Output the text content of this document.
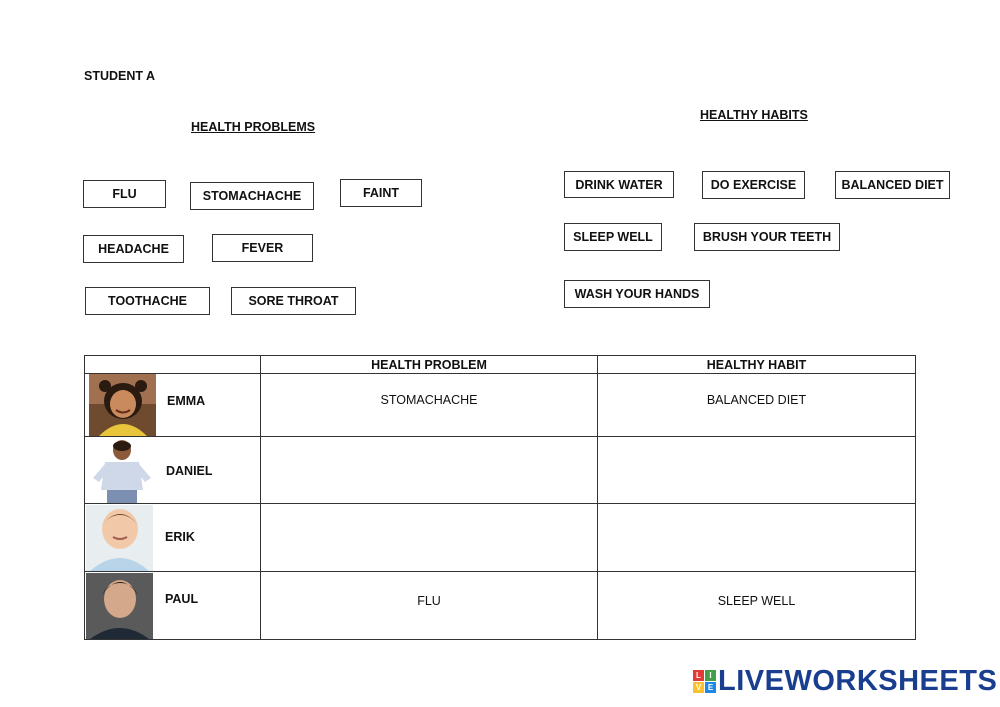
STUDENT A
HEALTH PROBLEMS
HEALTHY HABITS
FLU	STOMACHACHE	FAINT
HEADACHE	FEVER
TOOTHACHE	SORE THROAT
DRINK WATER	DO EXERCISE	BALANCED DIET
SLEEP WELL	BRUSH YOUR TEETH
WASH YOUR HANDS
	HEALTH PROBLEM	HEALTHY HABIT

EMMA	STOMACHACHE	BALANCED DIET

DANIEL		

ERIK		

PAUL	FLU	SLEEP WELL
L	I
V E LIVEWORKSHEETS
